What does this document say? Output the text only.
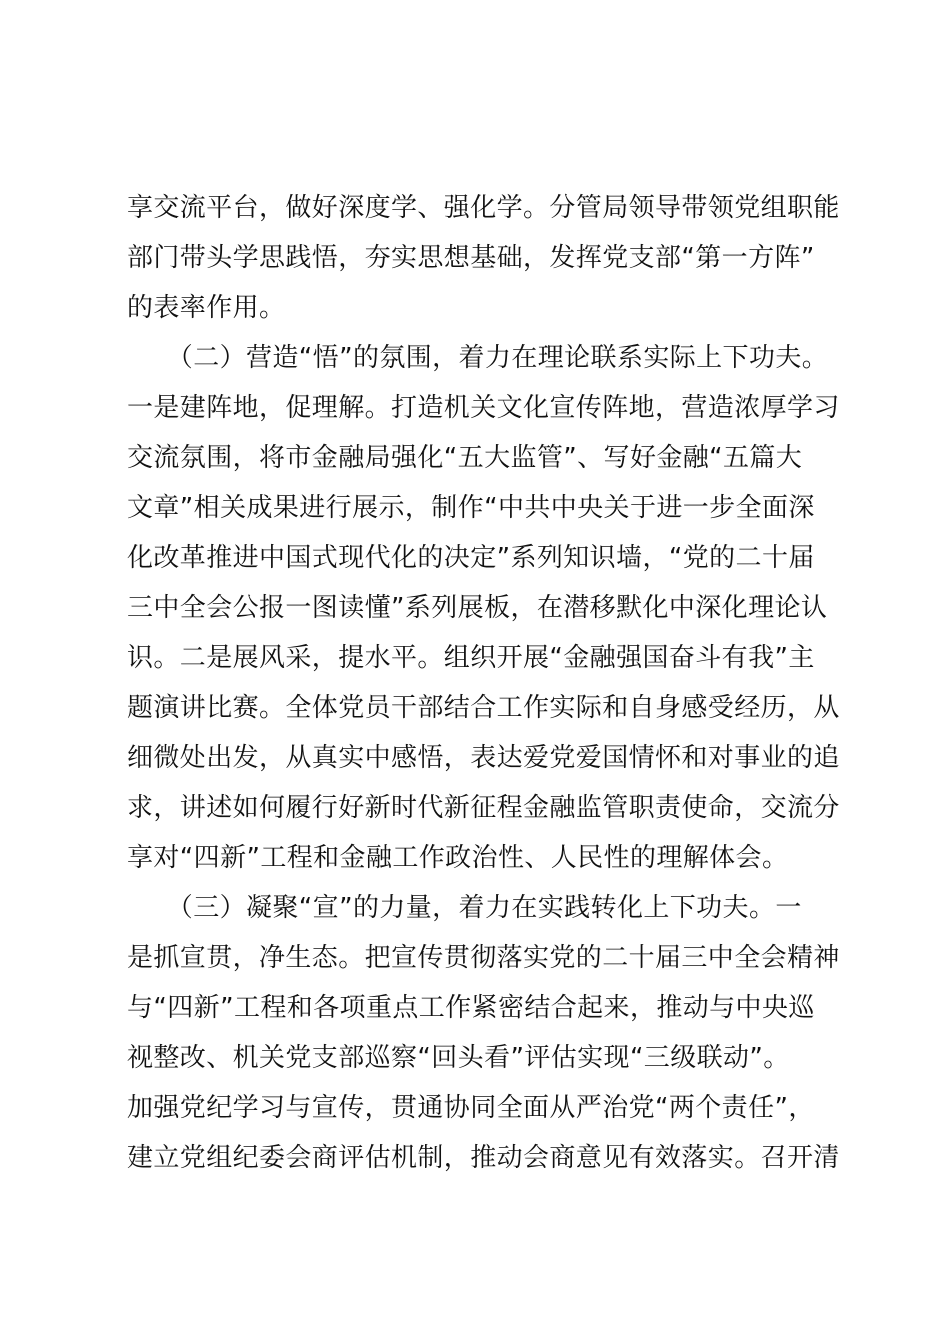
享交流平台，做好深度学、强化学。分管局领导带领党组职能
部门带头学思践悟，夯实思想基础，发挥党支部“第一方阵”
的表率作用。
　　（二）营造“悟”的氛围，着力在理论联系实际上下功夫。
一是建阵地，促理解。打造机关文化宣传阵地，营造浓厚学习
交流氛围，将市金融局强化“五大监管”、写好金融“五篇大
文章”相关成果进行展示，制作“中共中央关于进一步全面深
化改革推进中国式现代化的决定”系列知识墙，“党的二十届
三中全会公报一图读懂”系列展板，在潜移默化中深化理论认
识。二是展风采，提水平。组织开展“金融强国奋斗有我”主
题演讲比赛。全体党员干部结合工作实际和自身感受经历，从
细微处出发，从真实中感悟，表达爱党爱国情怀和对事业的追
求，讲述如何履行好新时代新征程金融监管职责使命，交流分
享对“四新”工程和金融工作政治性、人民性的理解体会。
　　（三）凝聚“宣”的力量，着力在实践转化上下功夫。一
是抓宣贯，净生态。把宣传贯彻落实党的二十届三中全会精神
与“四新”工程和各项重点工作紧密结合起来，推动与中央巡
视整改、机关党支部巡察“回头看”评估实现“三级联动”。
加强党纪学习与宣传，贯通协同全面从严治党“两个责任”，
建立党组纪委会商评估机制，推动会商意见有效落实。召开清
